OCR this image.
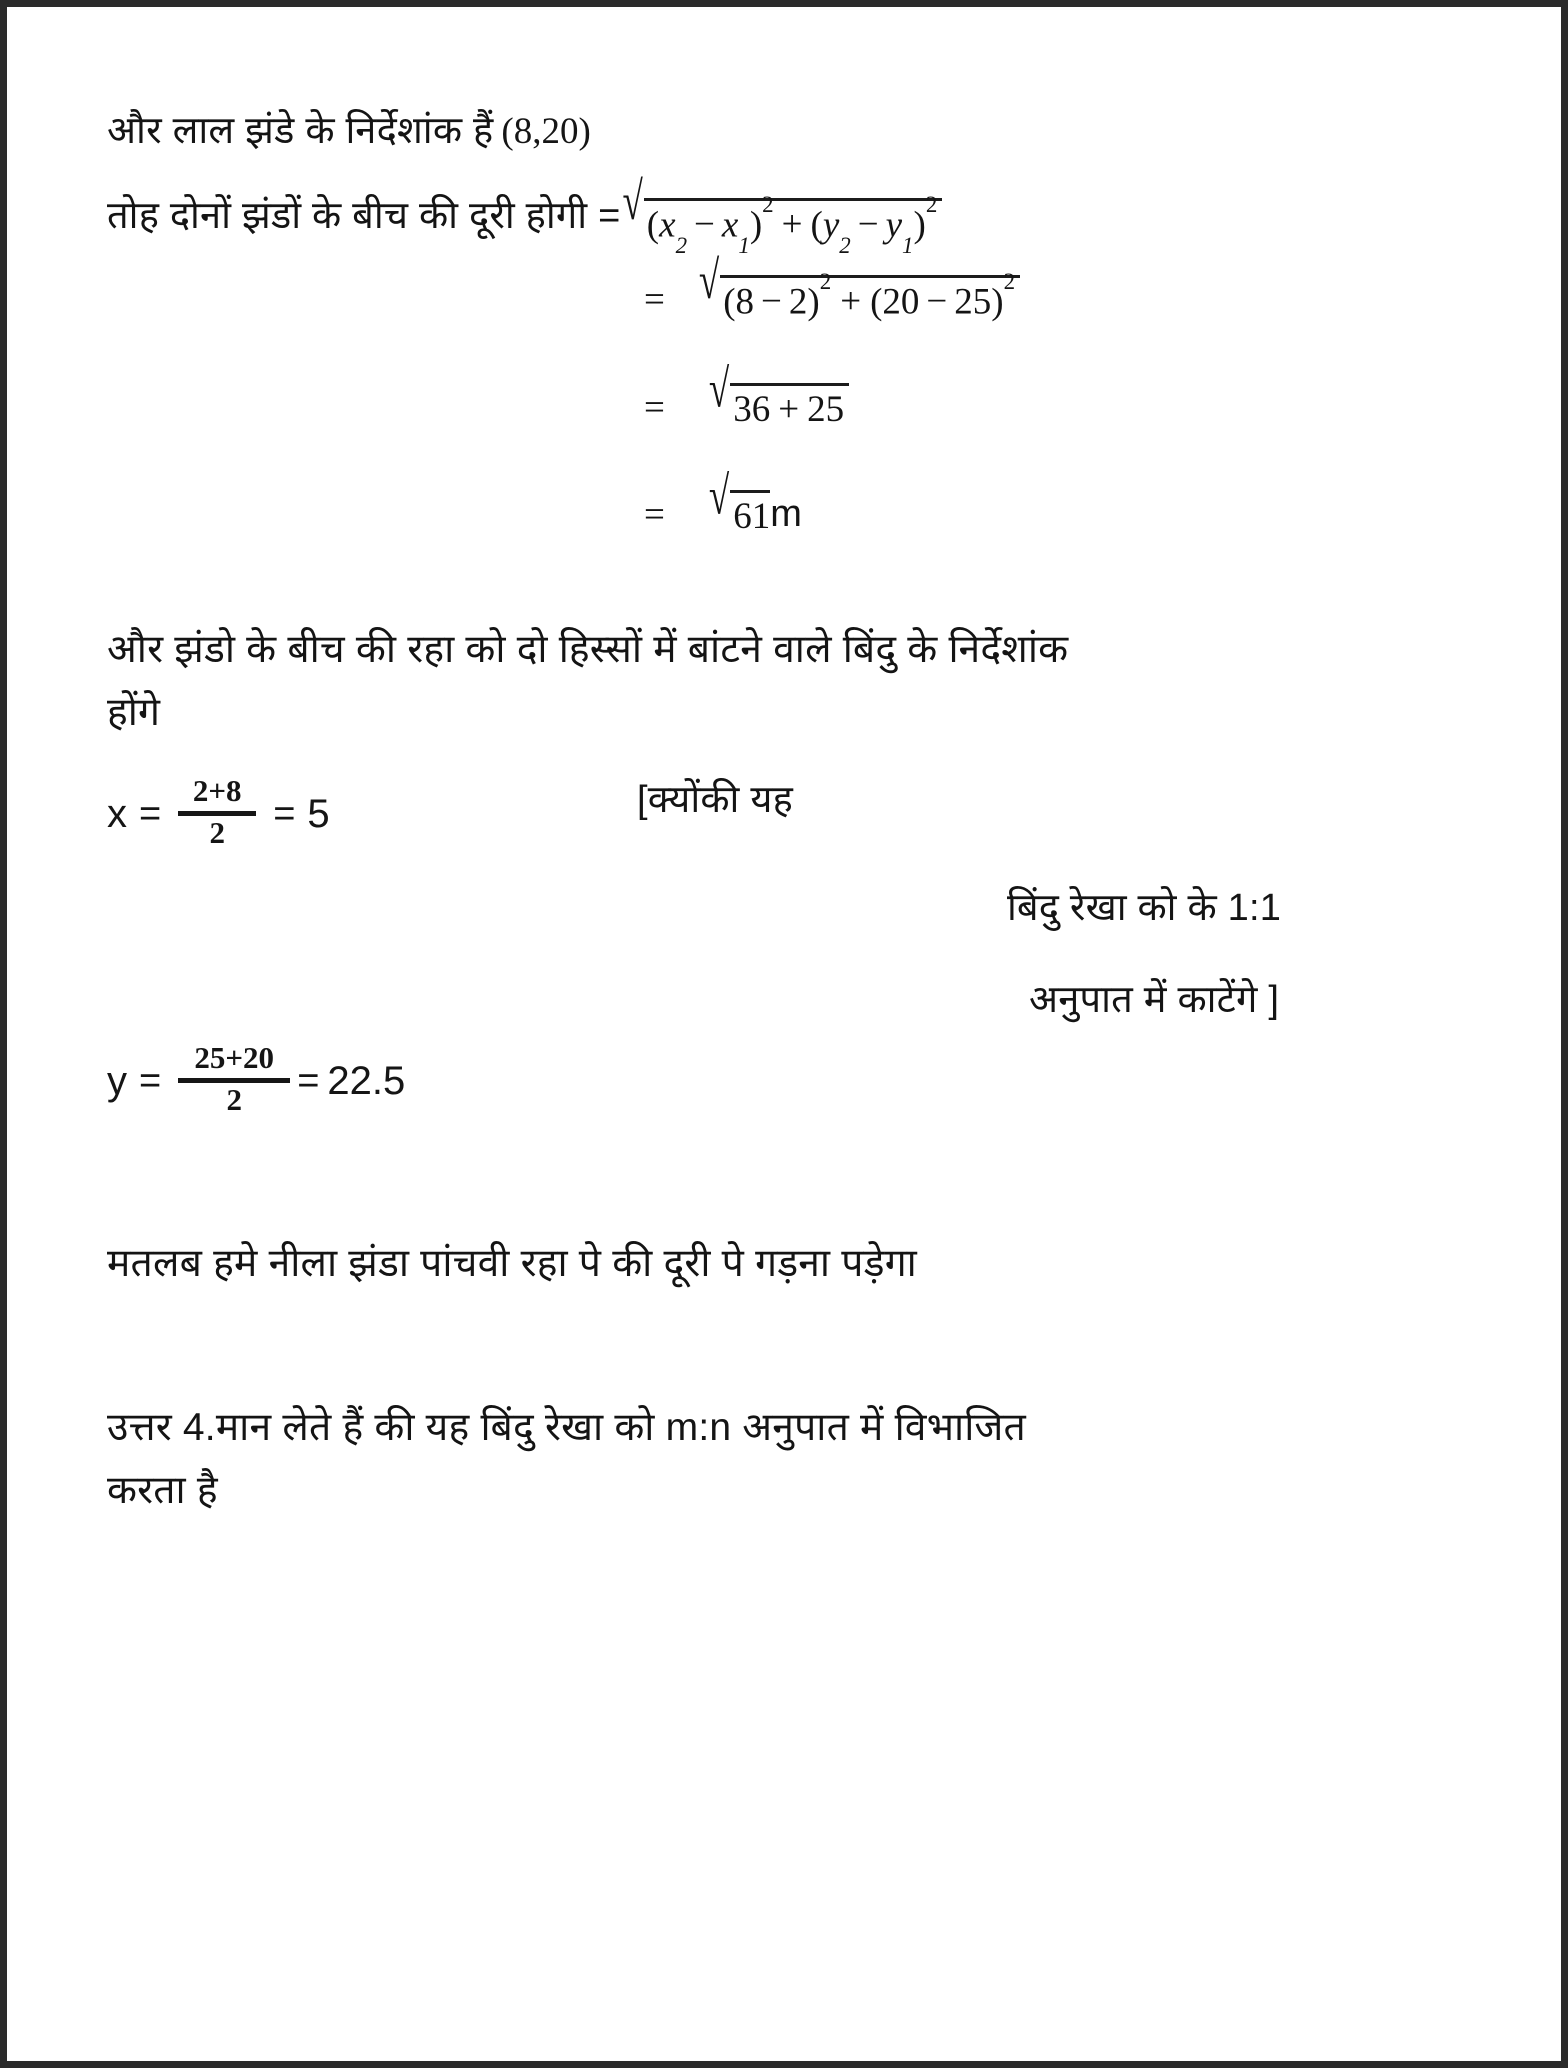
और लाल झंडे के निर्देशांक हैं (8,20)
तोह दोनों झंडों के बीच की दूरी होगी = √ $(x_2- x_1)^2+ (y_2- y_1)^2$
= √ $(8 - 2)^2+ (20 - 25)^2$
= √ 36 + 25
= √ 61 m
और झंडो के बीच की रहा को दो हिस्सों में बांटने वाले बिंदु के निर्देशांक
होंगे
x =
2+8
2 = 5	[क्योंकी यह
बिंदु रेखा को के 1:1
अनुपात में काटेंगे ]
y =
25+20
2 = 22.5
मतलब हमे नीला झंडा पांचवी रहा पे की दूरी पे गड़ना पड़ेगा
उत्तर 4.मान लेते हैं की यह बिंदु रेखा को m:n अनुपात में विभाजित
करता है
